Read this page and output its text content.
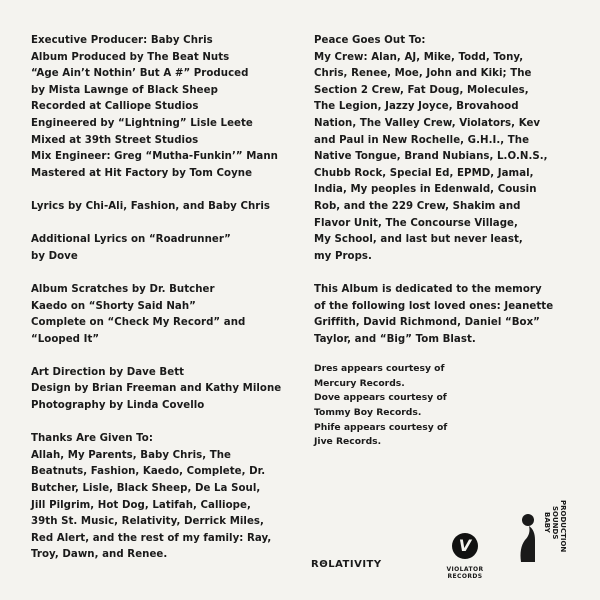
Executive Producer: Baby Chris
Album Produced by The Beat Nuts
“Age Ain’t Nothin’ But A #” Produced
by Mista Lawnge of Black Sheep
Recorded at Calliope Studios
Engineered by “Lightning” Lisle Leete
Mixed at 39th Street Studios
Mix Engineer: Greg “Mutha-Funkin’” Mann
Mastered at Hit Factory by Tom Coyne
Lyrics by Chi-Ali, Fashion, and Baby Chris
Additional Lyrics on “Roadrunner”
by Dove
Album Scratches by Dr. Butcher
Kaedo on “Shorty Said Nah”
Complete on “Check My Record” and
“Looped It”
Art Direction by Dave Bett
Design by Brian Freeman and Kathy Milone
Photography by Linda Covello
Thanks Are Given To:
Allah, My Parents, Baby Chris, The
Beatnuts, Fashion, Kaedo, Complete, Dr.
Butcher, Lisle, Black Sheep, De La Soul,
Jill Pilgrim, Hot Dog, Latifah, Calliope,
39th St. Music, Relativity, Derrick Miles,
Red Alert, and the rest of my family: Ray,
Troy, Dawn, and Renee.
Peace Goes Out To:
My Crew: Alan, AJ, Mike, Todd, Tony,
Chris, Renee, Moe, John and Kiki; The
Section 2 Crew, Fat Doug, Molecules,
The Legion, Jazzy Joyce, Brovahood
Nation, The Valley Crew, Violators, Kev
and Paul in New Rochelle, G.H.I., The
Native Tongue, Brand Nubians, L.O.N.S.,
Chubb Rock, Special Ed, EPMD, Jamal,
India, My peoples in Edenwald, Cousin
Rob, and the 229 Crew, Shakim and
Flavor Unit, The Concourse Village,
My School, and last but never least,
my Props.
This Album is dedicated to the memory
of the following lost loved ones: Jeanette
Griffith, David Richmond, Daniel “Box”
Taylor, and “Big” Tom Blast.
Dres appears courtesy of
Mercury Records.
Dove appears courtesy of
Tommy Boy Records.
Phife appears courtesy of
Jive Records.
RΘLATIVITY
V
VIOLATOR RECORDS
BABY SOUNDS PRODUCTION
